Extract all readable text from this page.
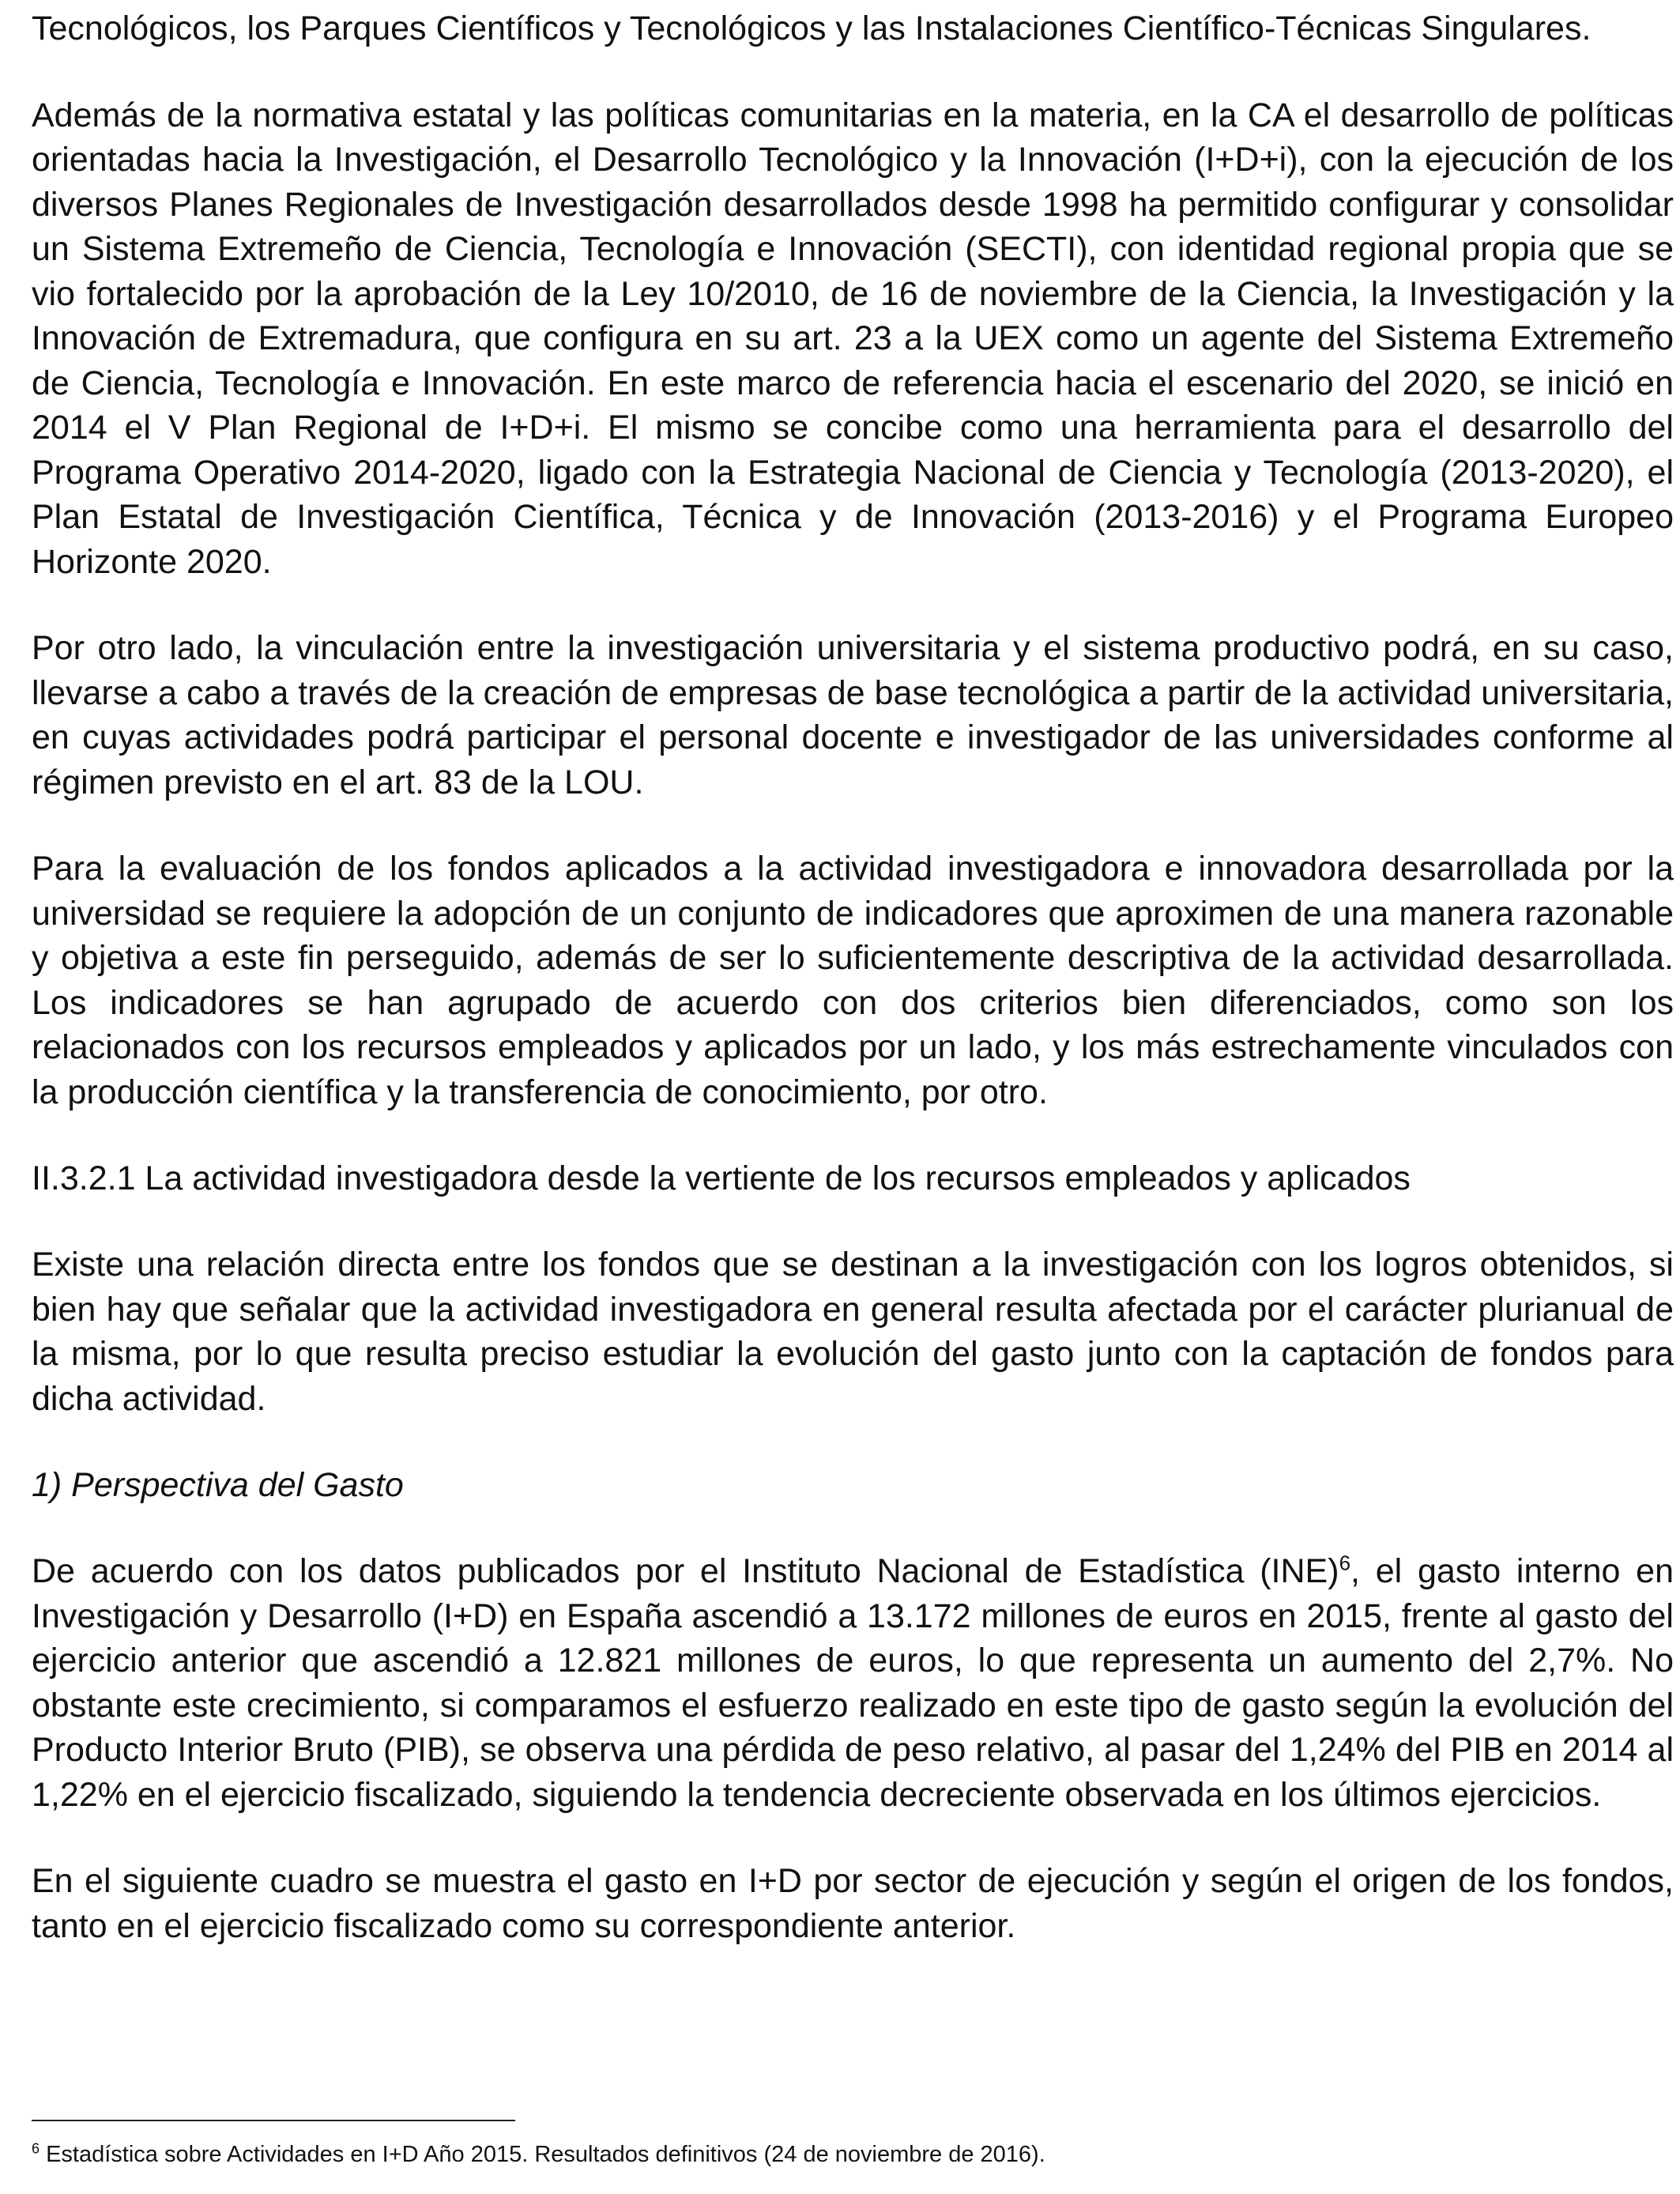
Tecnológicos, los Parques Científicos y Tecnológicos y las Instalaciones Científico-Técnicas Singulares.

Además de la normativa estatal y las políticas comunitarias en la materia, en la CA el desarrollo de políticas orientadas hacia la Investigación, el Desarrollo Tecnológico y la Innovación (I+D+i), con la ejecución de los diversos Planes Regionales de Investigación desarrollados desde 1998 ha permitido configurar y consolidar un Sistema Extremeño de Ciencia, Tecnología e Innovación (SECTI), con identidad regional propia que se vio fortalecido por la aprobación de la Ley 10/2010, de 16 de noviembre de la Ciencia, la Investigación y la Innovación de Extremadura, que configura en su art. 23 a la UEX como un agente del Sistema Extremeño de Ciencia, Tecnología e Innovación. En este marco de referencia hacia el escenario del 2020, se inició en 2014 el V Plan Regional de I+D+i. El mismo se concibe como una herramienta para el desarrollo del Programa Operativo 2014-2020, ligado con la Estrategia Nacional de Ciencia y Tecnología (2013-2020), el Plan Estatal de Investigación Científica, Técnica y de Innovación (2013-2016) y el Programa Europeo Horizonte 2020.

Por otro lado, la vinculación entre la investigación universitaria y el sistema productivo podrá, en su caso, llevarse a cabo a través de la creación de empresas de base tecnológica a partir de la actividad universitaria, en cuyas actividades podrá participar el personal docente e investigador de las universidades conforme al régimen previsto en el art. 83 de la LOU.

Para la evaluación de los fondos aplicados a la actividad investigadora e innovadora desarrollada por la universidad se requiere la adopción de un conjunto de indicadores que aproximen de una manera razonable y objetiva a este fin perseguido, además de ser lo suficientemente descriptiva de la actividad desarrollada. Los indicadores se han agrupado de acuerdo con dos criterios bien diferenciados, como son los relacionados con los recursos empleados y aplicados por un lado, y los más estrechamente vinculados con la producción científica y la transferencia de conocimiento, por otro.

II.3.2.1 La actividad investigadora desde la vertiente de los recursos empleados y aplicados

Existe una relación directa entre los fondos que se destinan a la investigación con los logros obtenidos, si bien hay que señalar que la actividad investigadora en general resulta afectada por el carácter plurianual de la misma, por lo que resulta preciso estudiar la evolución del gasto junto con la captación de fondos para dicha actividad.

1) Perspectiva del Gasto

De acuerdo con los datos publicados por el Instituto Nacional de Estadística (INE)$^6$, el gasto interno en Investigación y Desarrollo (I+D) en España ascendió a 13.172 millones de euros en 2015, frente al gasto del ejercicio anterior que ascendió a 12.821 millones de euros, lo que representa un aumento del 2,7%. No obstante este crecimiento, si comparamos el esfuerzo realizado en este tipo de gasto según la evolución del Producto Interior Bruto (PIB), se observa una pérdida de peso relativo, al pasar del 1,24% del PIB en 2014 al 1,22% en el ejercicio fiscalizado, siguiendo la tendencia decreciente observada en los últimos ejercicios.

En el siguiente cuadro se muestra el gasto en I+D por sector de ejecución y según el origen de los fondos, tanto en el ejercicio fiscalizado como su correspondiente anterior.

$^6$ Estadística sobre Actividades en I+D Año 2015. Resultados definitivos (24 de noviembre de 2016).
